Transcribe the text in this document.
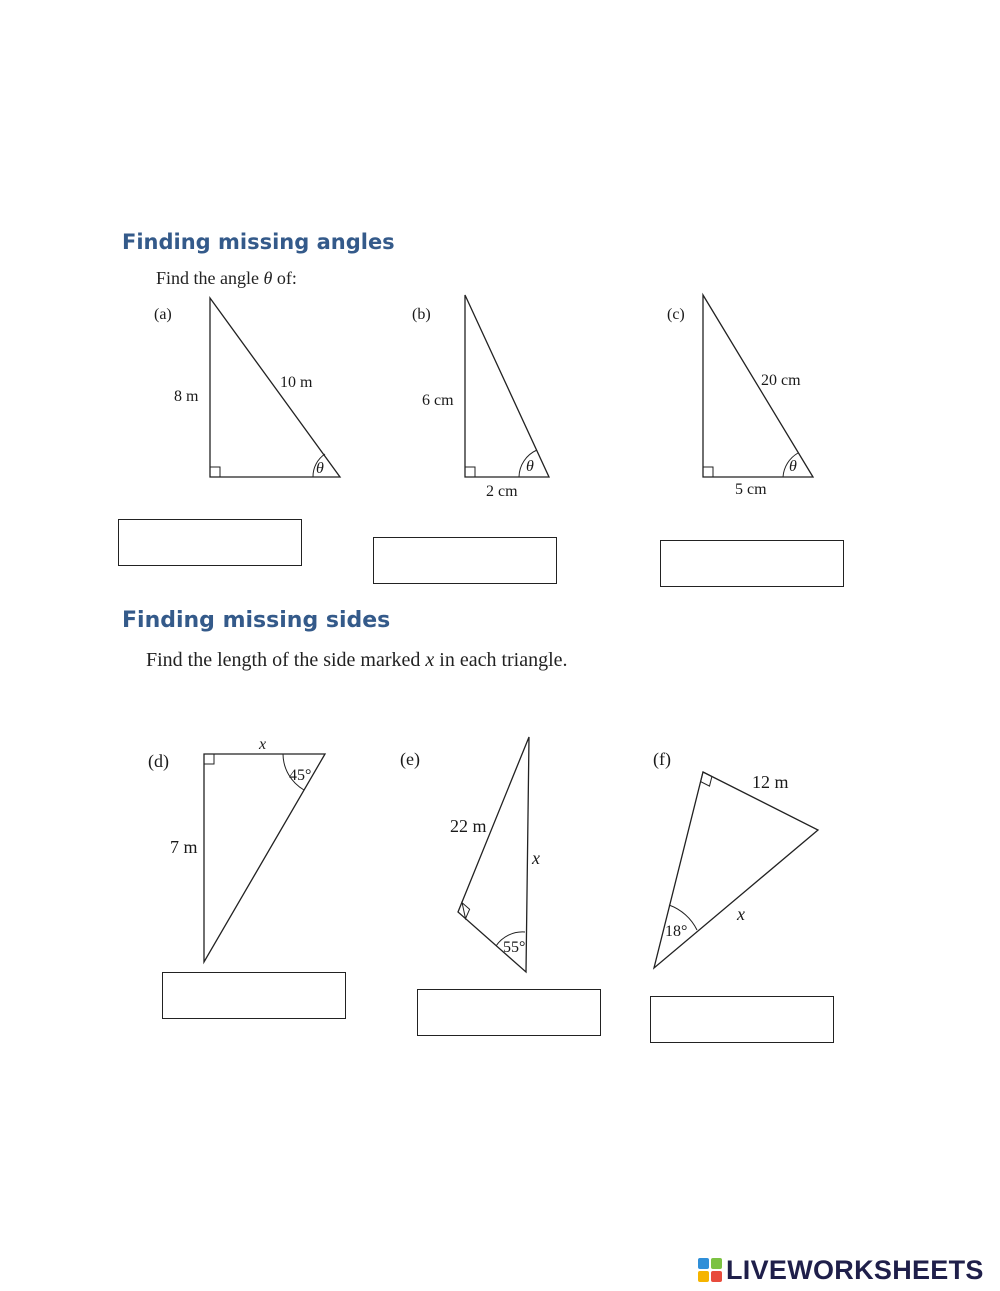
Finding missing angles

Find the angle θ of:

(a)
8 m
10 m
θ
(b)
6 cm
2 cm
θ
(c)
20 cm
5 cm
θ
Finding missing sides

Find the length of the side marked x in each triangle.

(d)
x
7 m
45°
(e)
22 m
x
55°
(f)
12 m
x
18°
LIVEWORKSHEETS
